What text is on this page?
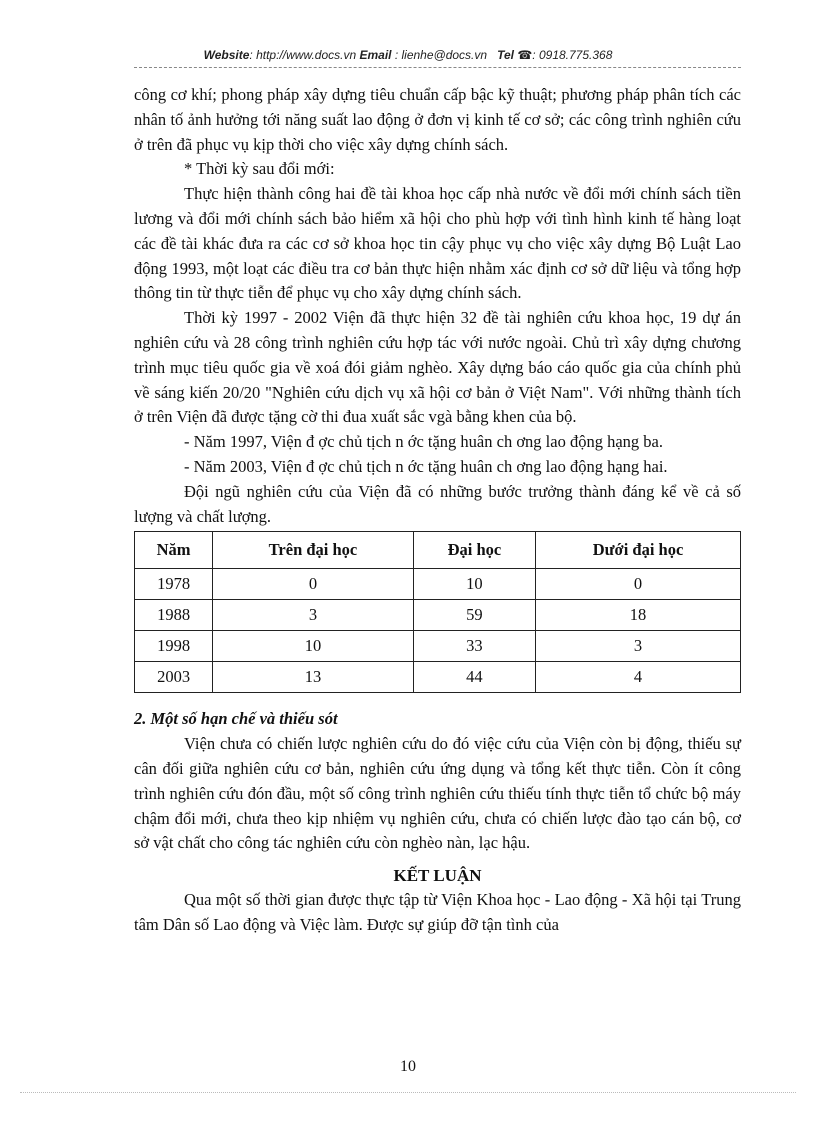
Website: http://www.docs.vn Email : lienhe@docs.vn Tel ☎: 0918.775.368

công cơ khí; phong pháp xây dựng tiêu chuẩn cấp bậc kỹ thuật; phương pháp phân tích các nhân tố ảnh hưởng tới năng suất lao động ở đơn vị kinh tế cơ sở; các công trình nghiên cứu ở trên đã phục vụ kịp thời cho việc xây dựng chính sách.

* Thời kỳ sau đổi mới:

Thực hiện thành công hai đề tài khoa học cấp nhà nước về đổi mới chính sách tiền lương và đổi mới chính sách bảo hiểm xã hội cho phù hợp với tình hình kinh tế hàng loạt các đề tài khác đưa ra các cơ sở khoa học tin cậy phục vụ cho việc xây dựng Bộ Luật Lao động 1993, một loạt các điều tra cơ bản thực hiện nhằm xác định cơ sở dữ liệu và tổng hợp thông tin từ thực tiễn để phục vụ cho xây dựng chính sách.

Thời kỳ 1997 - 2002 Viện đã thực hiện 32 đề tài nghiên cứu khoa học, 19 dự án nghiên cứu và 28 công trình nghiên cứu hợp tác với nước ngoài. Chủ trì xây dựng chương trình mục tiêu quốc gia về xoá đói giảm nghèo. Xây dựng báo cáo quốc gia của chính phủ về sáng kiến 20/20 "Nghiên cứu dịch vụ xã hội cơ bản ở Việt Nam". Với những thành tích ở trên Viện đã được tặng cờ thi đua xuất sắc vgà bằng khen của bộ.

- Năm 1997, Viện đ ợc chủ tịch n ớc tặng huân ch ơng lao động hạng ba.

- Năm 2003, Viện đ ợc chủ tịch n ớc tặng huân ch ơng lao động hạng hai.

Đội ngũ nghiên cứu của Viện đã có những bước trưởng thành đáng kể về cả số lượng và chất lượng.

Năm	Trên đại học	Đại học	Dưới đại học
1978	0	10	0
1988	3	59	18
1998	10	33	3
2003	13	44	4
2. Một số hạn chế và thiếu sót

Viện chưa có chiến lược nghiên cứu do đó việc cứu của Viện còn bị động, thiếu sự cân đối giữa nghiên cứu cơ bản, nghiên cứu ứng dụng và tổng kết thực tiễn. Còn ít công trình nghiên cứu đón đầu, một số công trình nghiên cứu thiếu tính thực tiễn tổ chức bộ máy chậm đổi mới, chưa theo kịp nhiệm vụ nghiên cứu, chưa có chiến lược đào tạo cán bộ, cơ sở vật chất cho công tác nghiên cứu còn nghèo nàn, lạc hậu.

KẾT LUẬN

Qua một số thời gian được thực tập từ Viện Khoa học - Lao động - Xã hội tại Trung tâm Dân số Lao động và Việc làm. Được sự giúp đỡ tận tình của

10
